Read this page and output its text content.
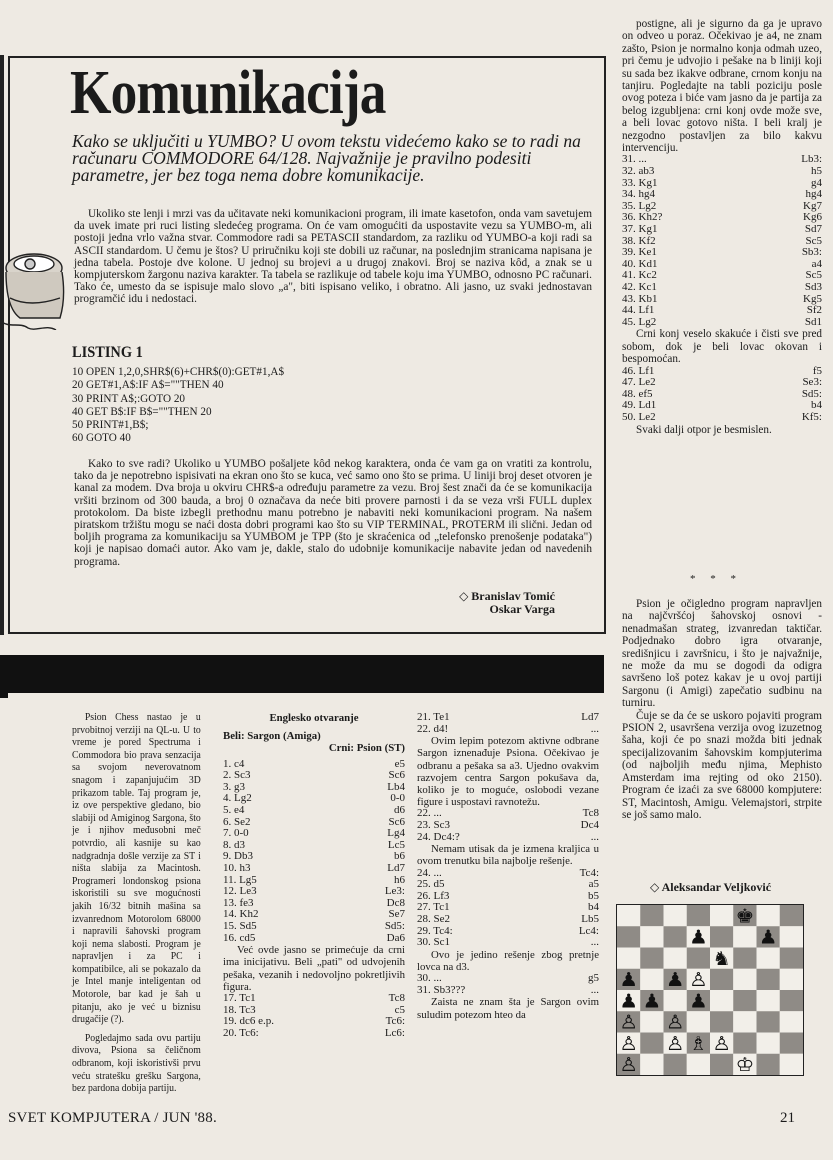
Komunikacija
Kako se uključiti u YUMBO? U ovom tekstu videćemo kako se to radi na računaru COMMODORE 64/128. Najvažnije je pravilno podesiti parametre, jer bez toga nema dobre komunikacije.
Ukoliko ste lenji i mrzi vas da učitavate neki komunikacioni program, ili imate kasetofon, onda vam savetujem da uvek imate pri ruci listing sledećeg programa. On će vam omogućiti da uspostavite vezu sa YUMBO-m, ali postoji jedna vrlo važna stvar. Commodore radi sa PETASCII standardom, za razliku od YUMBO-a koji radi sa ASCII standardom. U čemu je štos? U priručniku koji ste dobili uz računar, na poslednjim stranicama napisana je jedna tabela. Postoje dve kolone. U jednoj su brojevi a u drugoj znakovi. Broj se naziva kôd, a znak se u kompjuterskom žargonu naziva karakter. Ta tabela se razlikuje od tabele koju ima YUMBO, odnosno PC računari. Tako će, umesto da se ispisuje malo slovo „a", biti ispisano veliko, i obratno. Ali jasno, uz svaki jednostavan programčić idu i nedostaci.
LISTING 1
10 OPEN 1,2,0,SHR$(6)+CHR$(0):GET#1,A$
20 GET#1,A$:IF A$=""THEN 40
30 PRINT A$;:GOTO 20
40 GET B$:IF B$=""THEN 20
50 PRINT#1,B$;
60 GOTO 40
Kako to sve radi? Ukoliko u YUMBO pošaljete kôd nekog karaktera, onda će vam ga on vratiti za kontrolu, tako da je nepotrebno ispisivati na ekran ono što se kuca, već samo ono što se prima. U liniji broj deset otvoren je kanal za modem. Dva broja u okviru CHR$-a određuju parametre za vezu. Broj šest znači da će se komunikacija vršiti brzinom od 300 bauda, a broj 0 označava da neće biti provere parnosti i da se veza vrši FULL duplex protokolom. Da biste izbegli prethodnu manu potrebno je nabaviti neki komunikacioni program. Na našem piratskom tržištu mogu se naći dosta dobri programi kao što su VIP TERMINAL, PROTERM ili slični. Jedan od boljih programa za komunikaciju sa YUMBOM je TPP (što je skraćenica od „telefonsko prenošenje podataka") koji je napisao domaći autor. Ako vam je, dakle, stalo do udobnije komunikacije nabavite jedan od navedenih programa.
◇ Branislav Tomić
Oskar Varga

postigne, ali je sigurno da ga je upravo on odveo u poraz. Očekivao je a4, ne znam zašto, Psion je normalno konja odmah uzeo, pri čemu je udvojio i pešake na b liniji koji su sada bez ikakve odbrane, crnom konju na tanjiru. Pogledajte na tabli poziciju posle ovog poteza i biće vam jasno da je partija za belog izgubljena: crni konj ovde može sve, a beli lovac gotovo ništa. I beli kralj je nezgodno postavljen za bilo kakvu intervenciju.

31. ...	Lb3:
32. ab3	h5
33. Kg1	g4
34. hg4	hg4
35. Lg2	Kg7
36. Kh2?	Kg6
37. Kg1	Sd7
38. Kf2	Sc5
39. Ke1	Sb3:
40. Kd1	a4
41. Kc2	Sc5
42. Kc1	Sd3
43. Kb1	Kg5
44. Lf1	Sf2
45. Lg2	Sd1

Crni konj veselo skakuće i čisti sve pred sobom, dok je beli lovac okovan i bespomoćan.

46. Lf1	f5
47. Le2	Se3:
48. ef5	Sd5:
49. Ld1	b4
50. Le2	Kf5:

Svaki dalji otpor je besmislen.

* * *

Psion je očigledno program napravljen na najčvršćoj šahovskoj osnovi - nenadmašan strateg, izvanredan taktičar. Podjednako dobro igra otvaranje, središnjicu i završnicu, i što je najvažnije, ne može da mu se dogodi da odigra savršeno loš potez kakav je u ovoj partiji Sargonu (i Amigi) zapečatio sudbinu na turniru.

Čuje se da će se uskoro pojaviti program PSION 2, usavršena verzija ovog izuzetnog šaha, koji će po snazi možda biti jednak specijalizovanim šahovskim kompjuterima (od najboljih među njima, Mephisto Amsterdam ima rejting od oko 2150). Program će izaći za sve 68000 kompjutere: ST, Macintosh, Amigu. Velemajstori, strpite se još samo malo.

◇ Aleksandar Veljković

Psion Chess nastao je u prvobitnoj verziji na QL-u. U to vreme je pored Spectruma i Commodora bio prava senzacija sa svojom neverovatnom snagom i zapanjujućim 3D prikazom table. Taj program je, iz ove perspektive gledano, bio slabiji od Amiginog Sargona, što je i njihov međusobni meč potvrdio, ali kasnije su kao nadgradnja došle verzije za ST i ništa slabija za Macintosh. Programeri londonskog psiona iskoristili su sve mogućnosti jakih 16/32 bitnih mašina sa izvanrednom Motorolom 68000 i napravili šahovski program koji nema slabosti. Program je napravljen i za PC i kompatibilce, ali se pokazalo da je Intel manje inteligentan od Motorole, bar kad je šah u pitanju, ako je već u biznisu drugačije (?).

Pogledajmo sada ovu partiju divova, Psiona sa čeličnom odbranom, koji iskoristivši prvu veću stratešku grešku Sargona, bez pardona dobija partiju.

Englesko otvaranje
Beli: Sargon (Amiga)
Crni: Psion (ST)
1. c4	e5
2. Sc3	Sc6
3. g3	Lb4
4. Lg2	0-0
5. e4	d6
6. Se2	Sc6
7. 0-0	Lg4
8. d3	Lc5
9. Db3	b6
10. h3	Ld7
11. Lg5	h6
12. Le3	Le3:
13. fe3	Dc8
14. Kh2	Se7
15. Sd5	Sd5:
16. cd5	Da6

Već ovde jasno se primećuje da crni ima inicijativu. Beli „pati" od udvojenih pešaka, vezanih i nedovoljno pokretljivih figura.

17. Tc1	Tc8
18. Tc3	c5
19. dc6 e.p.	Tc6:
20. Tc6:	Lc6:
21. Te1	Ld7
22. d4!	...

Ovim lepim potezom aktivne odbrane Sargon iznenađuje Psiona. Očekivao je odbranu a pešaka sa a3. Ujedno ovakvim razvojem centra Sargon pokušava da, koliko je to moguće, oslobodi vezane figure i uspostavi ravnotežu.

22. ...	Tc8
23. Sc3	Dc4
24. Dc4:?	...

Nemam utisak da je izmena kraljica u ovom trenutku bila najbolje rešenje.

24. ...	Tc4:
25. d5	a5
26. Lf3	b5
27. Tc1	b4
28. Se2	Lb5
29. Tc4:	Lc4:
30. Sc1	...

Ovo je jedino rešenje zbog pretnje lovca na d3.

30. ...	g5
31. Sb3???	...

Zaista ne znam šta je Sargon ovim suludim potezom hteo da

SVET KOMPJUTERA / JUN '88.	21
